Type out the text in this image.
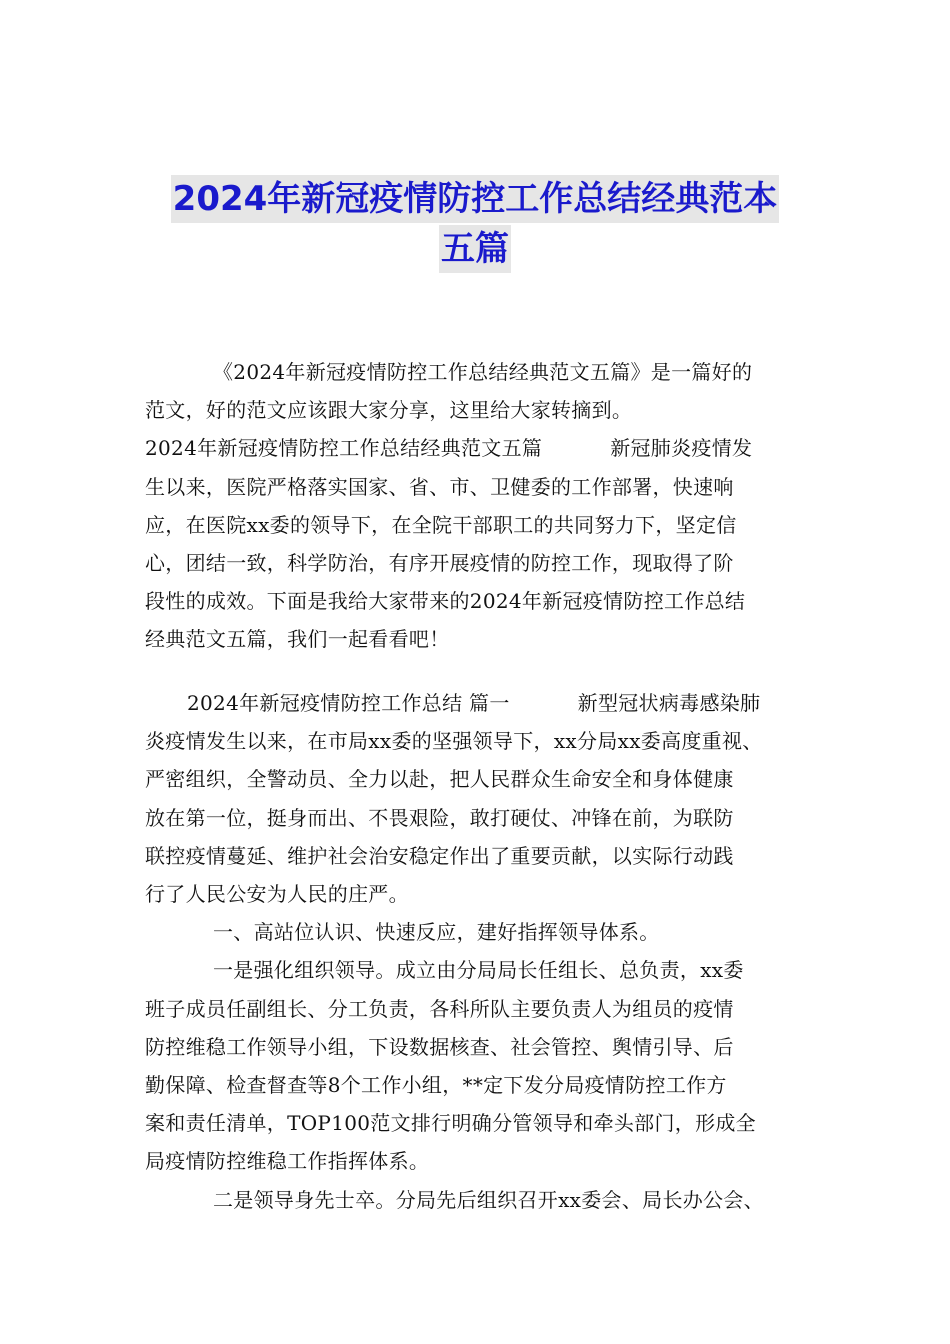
2024年新冠疫情防控工作总结经典范本
五篇

《2024年新冠疫情防控工作总结经典范文五篇》是一篇好的

范文，好的范文应该跟大家分享，这里给大家转摘到。

2024年新冠疫情防控工作总结经典范文五篇	新冠肺炎疫情发

生以来，医院严格落实国家、省、市、卫健委的工作部署，快速响

应，在医院xx委的领导下，在全院干部职工的共同努力下，坚定信

心，团结一致，科学防治，有序开展疫情的防控工作，现取得了阶

段性的成效。下面是我给大家带来的2024年新冠疫情防控工作总结

经典范文五篇，我们一起看看吧！

2024年新冠疫情防控工作总结 篇一	新型冠状病毒感染肺

炎疫情发生以来，在市局xx委的坚强领导下，xx分局xx委高度重视、

严密组织，全警动员、全力以赴，把人民群众生命安全和身体健康

放在第一位，挺身而出、不畏艰险，敢打硬仗、冲锋在前，为联防

联控疫情蔓延、维护社会治安稳定作出了重要贡献，以实际行动践

行了人民公安为人民的庄严。

一、高站位认识、快速反应，建好指挥领导体系。

一是强化组织领导。成立由分局局长任组长、总负责，xx委

班子成员任副组长、分工负责，各科所队主要负责人为组员的疫情

防控维稳工作领导小组，下设数据核查、社会管控、舆情引导、后

勤保障、检查督查等8个工作小组，**定下发分局疫情防控工作方

案和责任清单，TOP100范文排行明确分管领导和牵头部门，形成全

局疫情防控维稳工作指挥体系。

二是领导身先士卒。分局先后组织召开xx委会、局长办公会、
